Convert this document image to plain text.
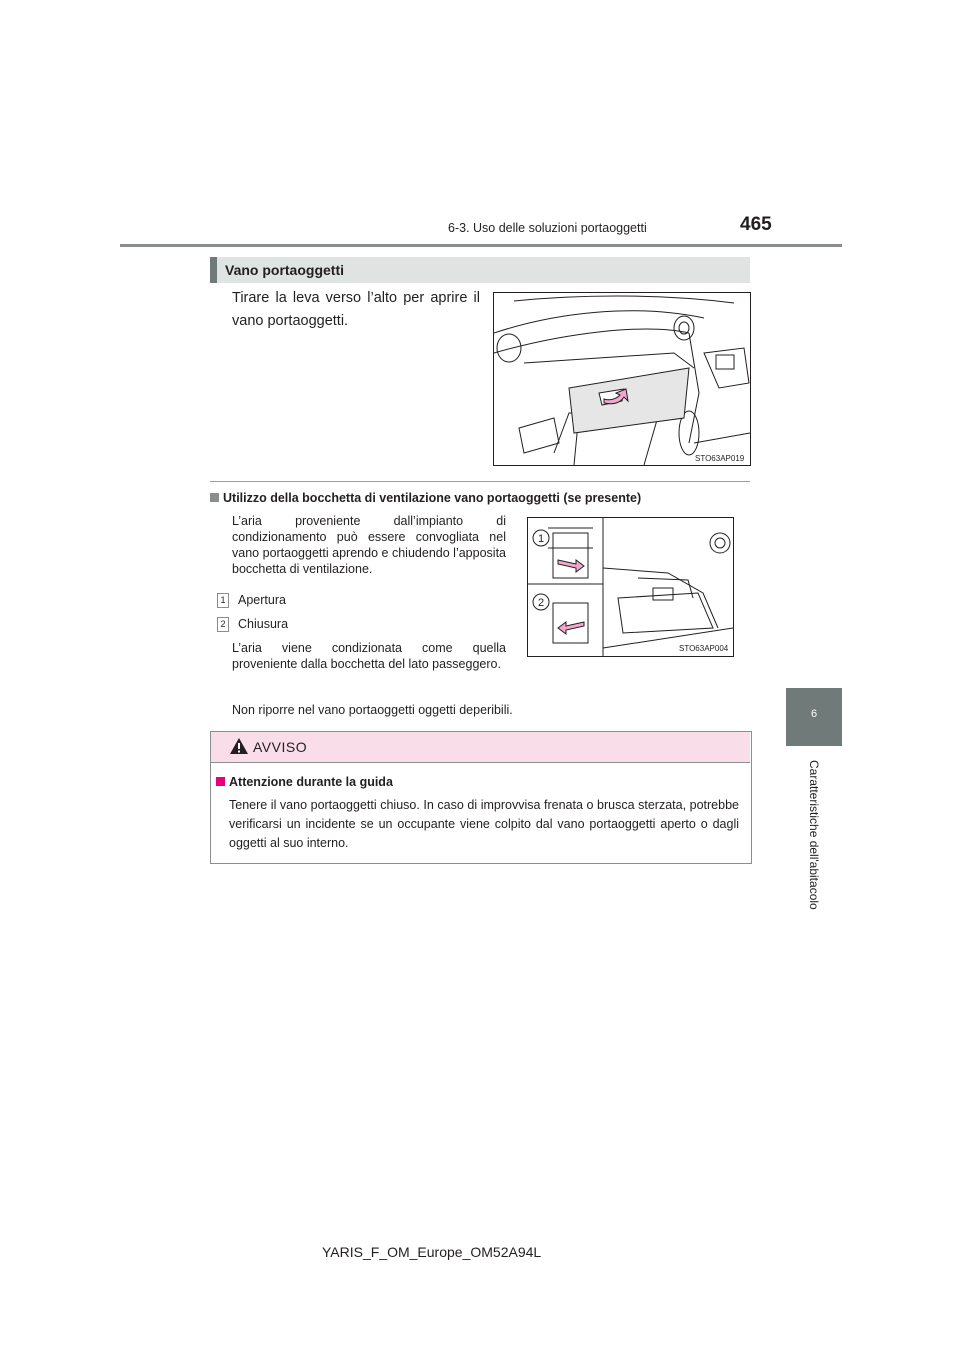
6-3. Uso delle soluzioni portaoggetti	465
6
Caratteristiche dell'abitacolo
Vano portaoggetti
Tirare la leva verso l’alto per aprire il vano portaoggetti.
STO63AP019
Utilizzo della bocchetta di ventilazione vano portaoggetti (se presente)
L’aria proveniente dall’impianto di condizionamento può essere convogliata nel vano portaoggetti aprendo e chiudendo l’apposita bocchetta di ventilazione.
1 Apertura
2 Chiusura
L’aria viene condizionata come quella proveniente dalla bocchetta del lato passeggero.
1
2
STO63AP004
Non riporre nel vano portaoggetti oggetti deperibili.
AVVISO
Attenzione durante la guida
Tenere il vano portaoggetti chiuso. In caso di improvvisa frenata o brusca sterzata, potrebbe verificarsi un incidente se un occupante viene colpito dal vano portaoggetti aperto o dagli oggetti al suo interno.
YARIS_F_OM_Europe_OM52A94L
